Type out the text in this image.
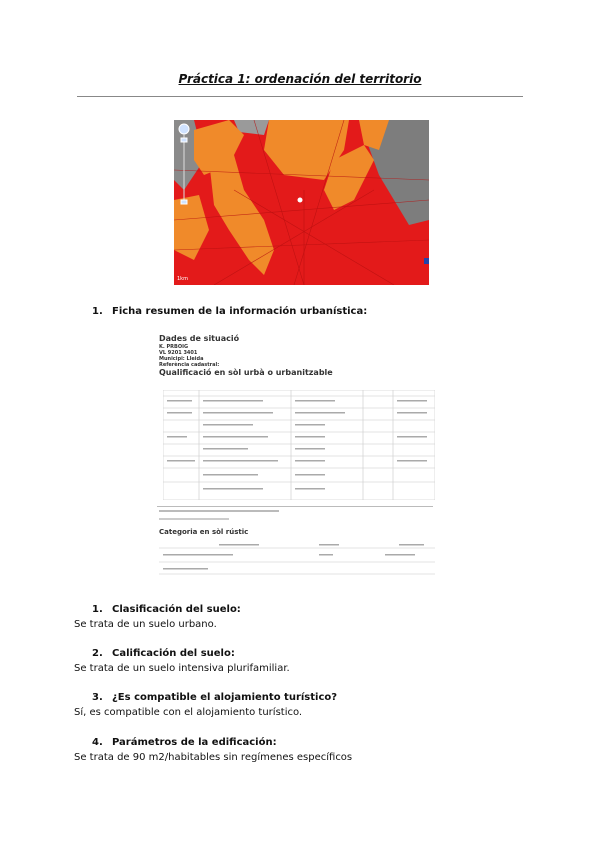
Práctica 1: ordenación del territorio
1km
1. Ficha resumen de la información urbanística:
Dades de situació
K. PRBOIG
VL 9201 3401
Municipi: Lleida
Referència cadastral:
Qualificació en sòl urbà o urbanitzable
Categoria en sòl rústic
1. Clasificación del suelo:
Se trata de un suelo urbano.
2. Calificación del suelo:
Se trata de un suelo intensiva plurifamiliar.
3. ¿Es compatible el alojamiento turístico?
Sí, es compatible con el alojamiento turístico.
4. Parámetros de la edificación:
Se trata de 90 m2/habitables sin regímenes específicos
